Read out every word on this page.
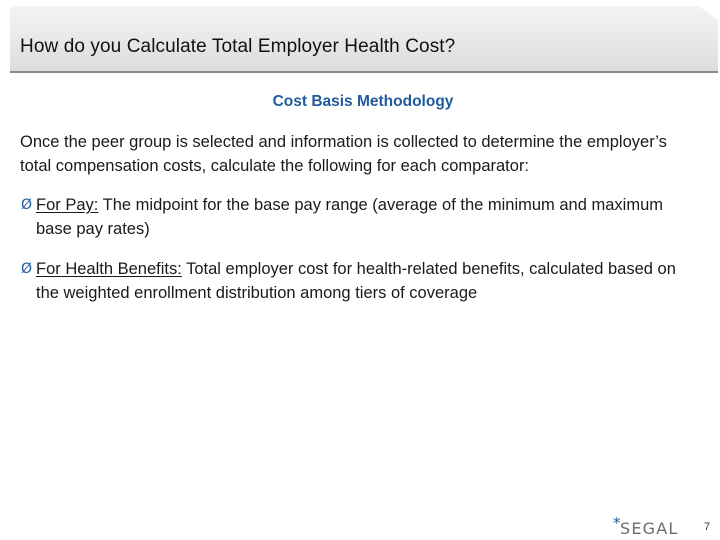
How do you Calculate Total Employer Health Cost?
Cost Basis Methodology
Once the peer group is selected and information is collected to determine the employer’s total compensation costs, calculate the following for each comparator:
Ø For Pay: The midpoint for the base pay range (average of the minimum and maximum base pay rates)
Ø For Health Benefits: Total employer cost for health-related benefits, calculated based on the weighted enrollment distribution among tiers of coverage
* SEGAL 7
